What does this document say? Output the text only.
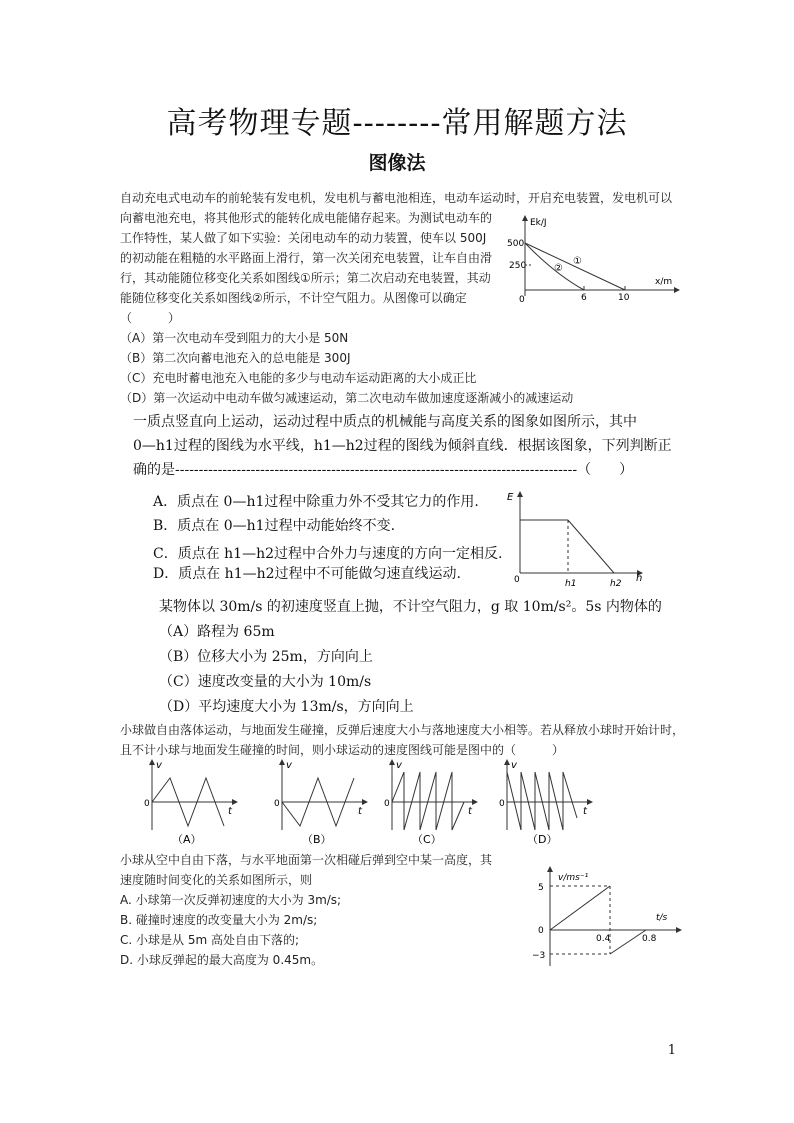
高考物理专题--------常用解题方法
图像法
自动充电式电动车的前轮装有发电机，发电机与蓄电池相连，电动车运动时，开启充电装置，发电机可以
向蓄电池充电，将其他形式的能转化成电能储存起来。为测试电动车的
工作特性，某人做了如下实验：关闭电动车的动力装置，使车以 500J
的初动能在粗糙的水平路面上滑行，第一次关闭充电装置，让车自由滑
行，其动能随位移变化关系如图线①所示；第二次启动充电装置，其动
能随位移变化关系如图线②所示，不计空气阻力。从图像可以确定
（　　　）
（A）第一次电动车受到阻力的大小是 50N
（B）第二次向蓄电池充入的总电能是 300J
（C）充电时蓄电池充入电能的多少与电动车运动距离的大小成正比
（D）第一次运动中电动车做匀减速运动，第二次电动车做加速度逐渐减小的减速运动
Ek/J
x/m
500
250
0	6	10
①
②
一质点竖直向上运动，运动过程中质点的机械能与高度关系的图象如图所示，其中
0—h1过程的图线为水平线，h1—h2过程的图线为倾斜直线．根据该图象，下列判断正
确的是-------------------------------------------------------------------------------------（　　）
A．质点在 0—h1过程中除重力外不受其它力的作用.
B．质点在 0—h1过程中动能始终不变.
C．质点在 h1—h2过程中合外力与速度的方向一定相反.
D．质点在 h1—h2过程中不可能做匀速直线运动.
E
h
0	h1	h2
某物体以 30m/s 的初速度竖直上抛，不计空气阻力，g 取 10m/s²。5s 内物体的
（A）路程为 65m
（B）位移大小为 25m，方向向上
（C）速度改变量的大小为 10m/s
（D）平均速度大小为 13m/s，方向向上
小球做自由落体运动，与地面发生碰撞，反弹后速度大小与落地速度大小相等。若从释放小球时开始计时，
且不计小球与地面发生碰撞的时间，则小球运动的速度图线可能是图中的（　　　）
v
t
0
（A）
v
t
0
（B）
v
t
0
（C）
v
t
0
（D）
小球从空中自由下落，与水平地面第一次相碰后弹到空中某一高度，其
速度随时间变化的关系如图所示，则
A. 小球第一次反弹初速度的大小为 3m/s;
B. 碰撞时速度的改变量大小为 2m/s;
C. 小球是从 5m 高处自由下落的;
D. 小球反弹起的最大高度为 0.45m。
v/ms⁻¹
t/s
5
0
−3
0.4	0.8
1
